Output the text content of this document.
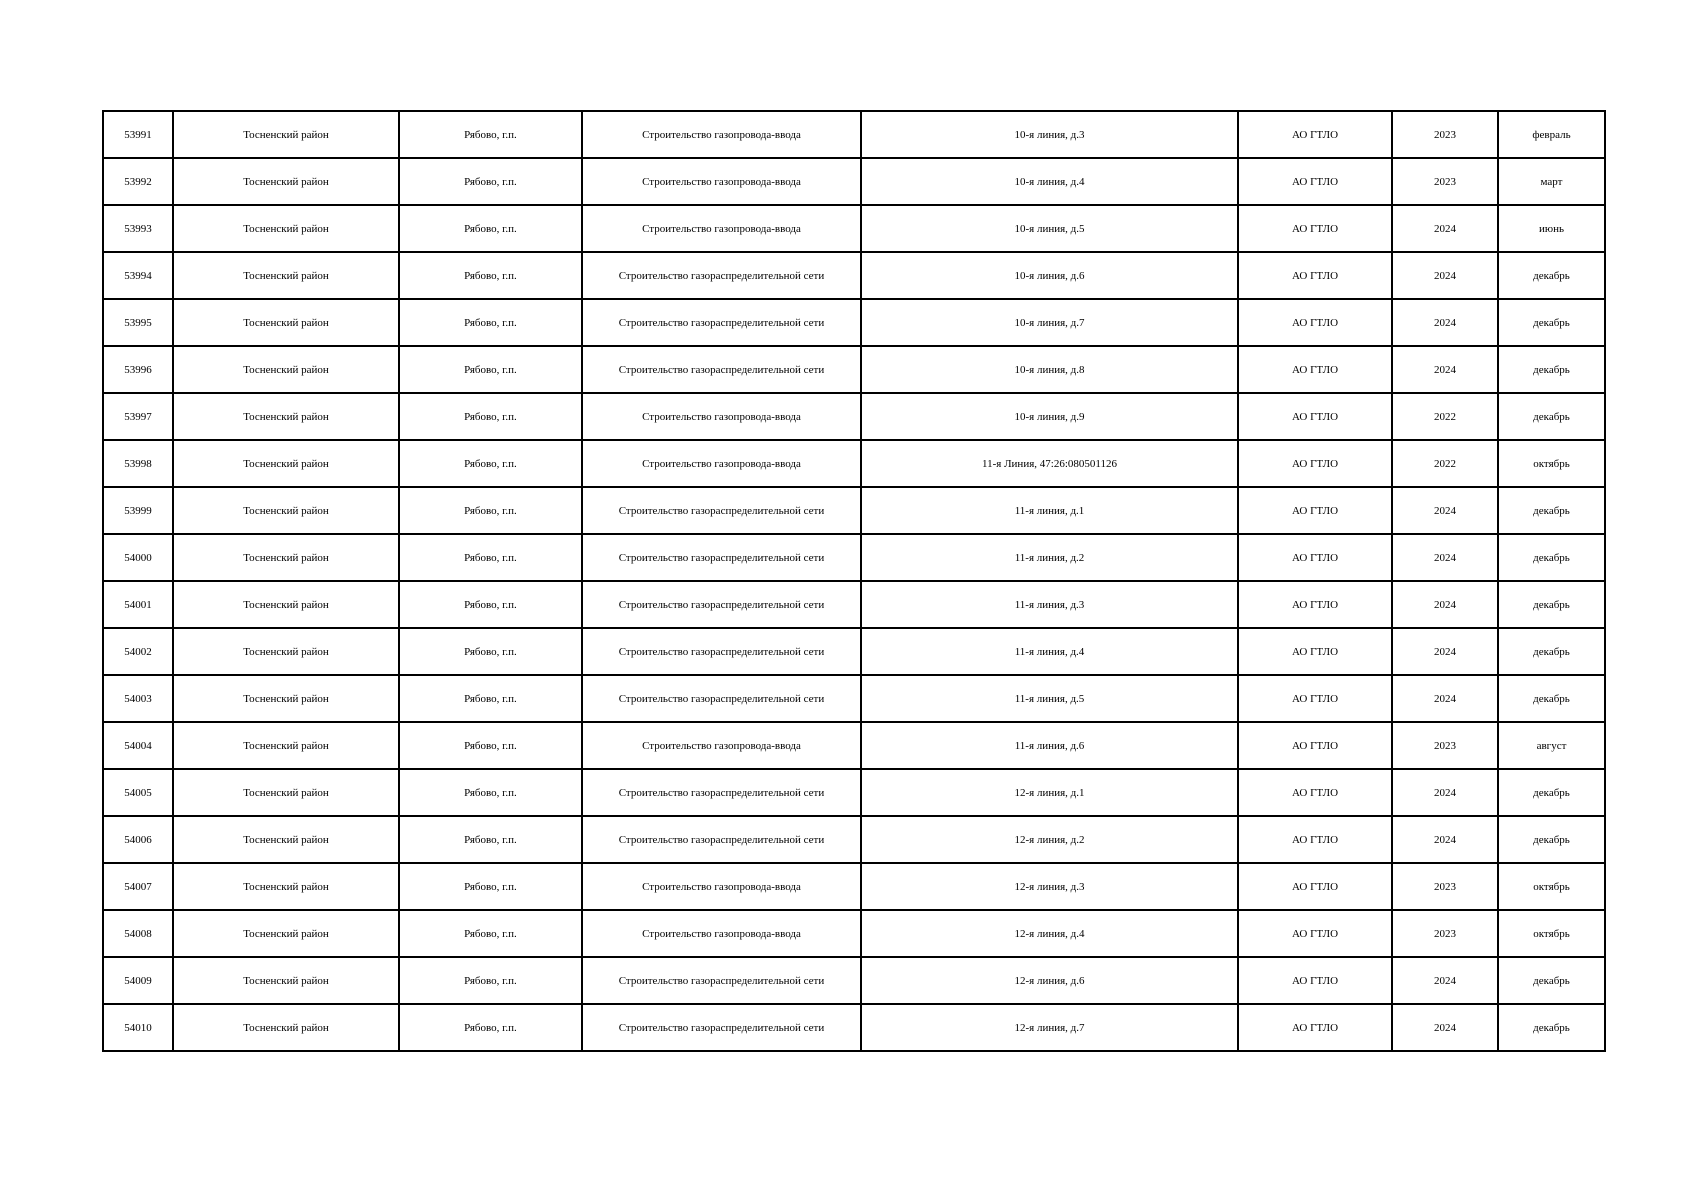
53991	Тосненский район	Рябово, г.п.	Строительство газопровода-ввода	10-я линия, д.3	АО ГТЛО	2023	февраль
53992	Тосненский район	Рябово, г.п.	Строительство газопровода-ввода	10-я линия, д.4	АО ГТЛО	2023	март
53993	Тосненский район	Рябово, г.п.	Строительство газопровода-ввода	10-я линия, д.5	АО ГТЛО	2024	июнь
53994	Тосненский район	Рябово, г.п.	Строительство газораспределительной сети	10-я линия, д.6	АО ГТЛО	2024	декабрь
53995	Тосненский район	Рябово, г.п.	Строительство газораспределительной сети	10-я линия, д.7	АО ГТЛО	2024	декабрь
53996	Тосненский район	Рябово, г.п.	Строительство газораспределительной сети	10-я линия, д.8	АО ГТЛО	2024	декабрь
53997	Тосненский район	Рябово, г.п.	Строительство газопровода-ввода	10-я линия, д.9	АО ГТЛО	2022	декабрь
53998	Тосненский район	Рябово, г.п.	Строительство газопровода-ввода	11-я Линия, 47:26:080501126	АО ГТЛО	2022	октябрь
53999	Тосненский район	Рябово, г.п.	Строительство газораспределительной сети	11-я линия, д.1	АО ГТЛО	2024	декабрь
54000	Тосненский район	Рябово, г.п.	Строительство газораспределительной сети	11-я линия, д.2	АО ГТЛО	2024	декабрь
54001	Тосненский район	Рябово, г.п.	Строительство газораспределительной сети	11-я линия, д.3	АО ГТЛО	2024	декабрь
54002	Тосненский район	Рябово, г.п.	Строительство газораспределительной сети	11-я линия, д.4	АО ГТЛО	2024	декабрь
54003	Тосненский район	Рябово, г.п.	Строительство газораспределительной сети	11-я линия, д.5	АО ГТЛО	2024	декабрь
54004	Тосненский район	Рябово, г.п.	Строительство газопровода-ввода	11-я линия, д.6	АО ГТЛО	2023	август
54005	Тосненский район	Рябово, г.п.	Строительство газораспределительной сети	12-я линия, д.1	АО ГТЛО	2024	декабрь
54006	Тосненский район	Рябово, г.п.	Строительство газораспределительной сети	12-я линия, д.2	АО ГТЛО	2024	декабрь
54007	Тосненский район	Рябово, г.п.	Строительство газопровода-ввода	12-я линия, д.3	АО ГТЛО	2023	октябрь
54008	Тосненский район	Рябово, г.п.	Строительство газопровода-ввода	12-я линия, д.4	АО ГТЛО	2023	октябрь
54009	Тосненский район	Рябово, г.п.	Строительство газораспределительной сети	12-я линия, д.6	АО ГТЛО	2024	декабрь
54010	Тосненский район	Рябово, г.п.	Строительство газораспределительной сети	12-я линия, д.7	АО ГТЛО	2024	декабрь
